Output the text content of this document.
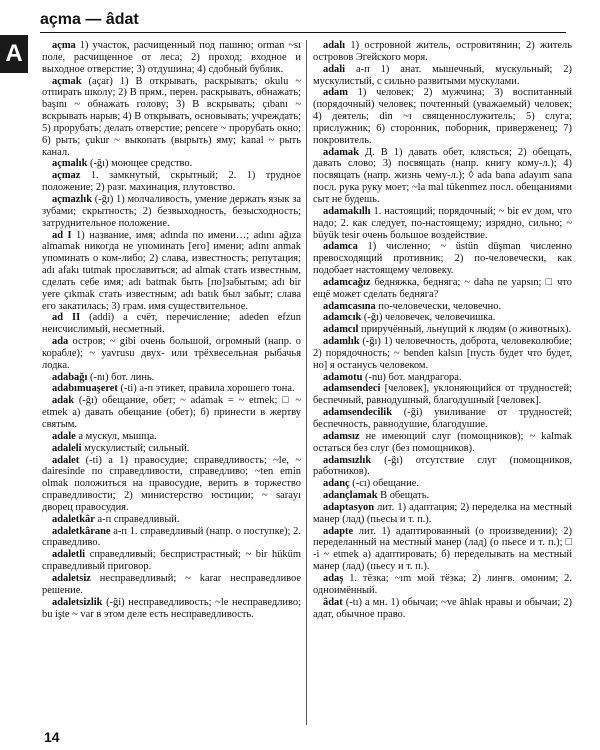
A
açma — âdat

açma 1) участок, расчищенный под пашню; orman ~sı поле, расчищенное от леса; 2) проход; входное и выходное отверстие; 3) отдушина; 4) сдобный бублик.

açmak (açar) 1) В открывать, раскрывать; okulu ~ отпирать школу; 2) В прям., перен. раскрывать, обнажать; başını ~ обнажать голову; 3) В вскрывать; çıbanı ~ вскрывать нарыв; 4) В открывать, основывать; учреждать; 5) прорубать; делать отверстие; pencere ~ прорубать окно; 6) рыть; çukur ~ выкопать (вырыть) яму; kanal ~ рыть канал.

açmalık (-ğı) моющее средство.

açmaz 1. замкнутый, скрытный; 2. 1) трудное положение; 2) разг. махинация, плутовство.

açmazlık (-ğı) 1) молчаливость, умение держать язык за зубами; скрытность; 2) безвыходность, безысходность; затруднительное положение.

ad I 1) название, имя; adında по имени…; adını ağıza almamak никогда не упоминать [его] имени; adını anmak упоминать о ком-либо; 2) слава, известность; репутация; adı afakı tutmak прославиться; ad almak стать известным, сделать себе имя; adı batmak быть [по]забытым; adı bir yere çıkmak стать известным; adı batık был забыт; слава его закатилась; 3) грам. имя существительное.

ad II (addi) а счёт, перечисление; adeden efzun неисчислимый, несметный.

ada остров; ~ gibi очень большой, огромный (напр. о корабле); ~ yavrusu двух- или трёхвесельная рыбачья лодка.

adabağı (-nı) бот. линь.

adabımuaşeret (-ti) а-п этикет, правила хорошего тона.

adak (-ğı) обещание, обет; ~ adamak = ~ etmek; □ ~ etmek а) давать обещание (обет); б) принести в жертву святым.

adale а мускул, мышца.

adaleli мускулистый; сильный.

adalet (-ti) а 1) правосудие; справедливость; ~le, ~ dairesinde по справедливости, справедливо; ~ten emin olmak положиться на правосудие, верить в торжество справедливости; 2) министерство юстиции; ~ sarayı дворец правосудия.

adaletkâr а-п справедливый.

adaletkârane а-п 1. справедливый (напр. о поступке); 2. справедливо.

adaletli справедливый; беспристрастный; ~ bir hüküm справедливый приговор.

adaletsiz несправедливый; ~ karar несправедливое решение.

adaletsizlik (-ği) несправедливость; ~le несправедливо; bu işte ~ var в этом деле есть несправедливость.

adalı 1) островной житель, островитянин; 2) житель островов Эгейского моря.

adali а-п 1) анат. мышечный, мускульный; 2) мускулистый, с сильно развитыми мускулами.

adam 1) человек; 2) мужчина; 3) воспитанный (порядочный) человек; почтенный (уважаемый) человек; 4) деятель; din ~ı священнослужитель; 5) слуга; прислужник; 6) сторонник, поборник, приверженец; 7) покровитель.

adamak Д. В 1) давать обет, клясться; 2) обещать, давать слово; 3) посвящать (напр. книгу кому-л.); 4) посвящать (напр. жизнь чему-л.); ◊ ada bana adayım sana посл. рука руку моет; ~la mal tükenmez посл. обещаниями сыт не будешь.

adamakıllı 1. настоящий; порядочный; ~ bir ev дом, что надо; 2. как следует, по-настоящему; изрядно, сильно; ~ büyük tesir очень большое воздействие.

adamca 1) численно; ~ üstün düşman численно превосходящий противник; 2) по-человечески, как подобает настоящему человеку.

adamcağız бедняжка, бедняга; ~ daha ne yapsın; □ что ещё может сделать бедняга?

adamcasına по-человечески, человечно.

adamcık (-ğı) человечек, человечишка.

adamcıl приручённый, льнущий к людям (о животных).

adamlık (-ğı) 1) человечность, доброта, человеколюбие; 2) порядочность; ~ benden kalsın [пусть будет что будет, но] я останусь человеком.

adamotu (-nu) бот. мандрагора.

adamsendeci [человек], уклоняющийся от трудностей; беспечный, равнодушный, благодушный [человек].

adamsendecilik (-ği) увиливание от трудностей; беспечность, равнодушие, благодушие.

adamsız не имеющий слуг (помощников); ~ kalmak остаться без слуг (без помощников).

adamsızlık (-ğı) отсутствие слуг (помощников, работников).

adanç (-cı) обещание.

adançlamak В обещать.

adaptasyon лит. 1) адаптация; 2) переделка на местный манер (лад) (пьесы и т. п.).

adapte лит. 1) адаптированный (о произведении); 2) переделанный на местный манер (лад) (о пьесе и т. п.); □ -i ~ etmek а) адаптировать; б) переделывать на местный манер (лад) (пьесу и т. п.).

adaş 1. тёзка; ~ım мой тёзка; 2) лингв. омоним; 2. одноимённый.

âdat (-tı) а мн. 1) обычаи; ~ve âhlak нравы и обычаи; 2) адат, обычное право.

14
